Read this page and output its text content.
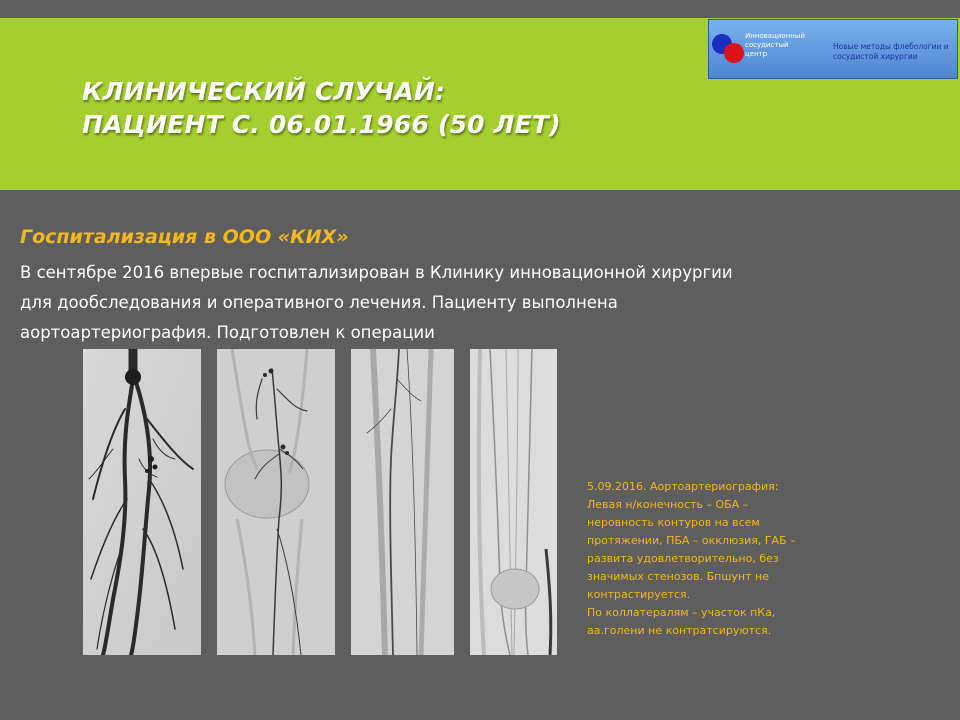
КЛИНИЧЕСКИЙ СЛУЧАЙ:
ПАЦИЕНТ С. 06.01.1966 (50 ЛЕТ)
Инновационный
сосудистый
центр
Новые методы флебологии и
сосудистой хирургии
Госпитализация в ООО «КИХ»
В сентябре 2016 впервые госпитализирован в Клинику инновационной хирургии
для дообследования и оперативного лечения. Пациенту выполнена
аортоартериография. Подготовлен к операции
5.09.2016. Аортоартериография:
Левая н/конечность – ОБА –
неровность контуров на всем
протяжении, ПБА – окклюзия, ГАБ –
развита удовлетворительно, без
значимых стенозов. Бпшунт не
контрастируется.
По коллатералям – участок пКа,
аа.голени не контратсируются.
